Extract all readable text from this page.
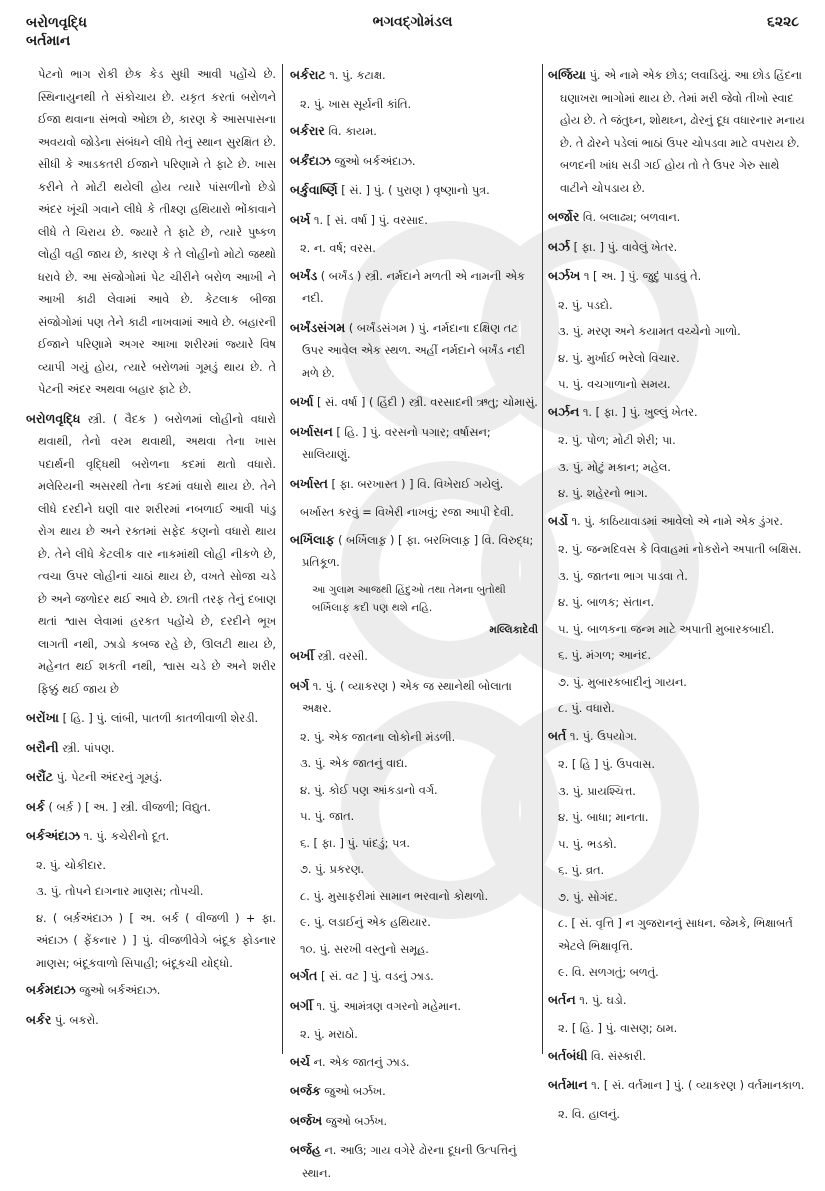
બરોળવૃદ્ધિ
બર્તમાન
ભગવદ્ગોમંડલ	૬૨૨૮

પેટનો ભાગ રોકી છેક કેડ સુધી આવી પહોંચે છે. સ્થિનાયુનથી તે સંકોચાય છે. યકૃત કરતાં બરોળને ઈજા થવાના સંભવો ઓછા છે, કારણ કે આસપાસના અવયવો જોડેના સંબંધને લીધે તેનું સ્થાન સુરક્ષિત છે. સીધી કે આડકતરી ઈજાને પરિણામે તે ફાટે છે. ખાસ કરીને તે મોટી થયેલી હોય ત્યારે પાંસળીનો છેડો અંદર ખૂંચી ગવાને લીધે કે તીક્ષ્ણ હથિયારો ભોંકાવાને લીધે તે ચિરાય છે. જ્યારે તે ફાટે છે, ત્યારે પુષ્કળ લોહી વહી જાય છે, કારણ કે તે લોહીનો મોટો જથ્થો ધરાવે છે. આ સંજોગોમાં પેટ ચીરીને બરોળ આખી ને આખી કાઢી લેવામાં આવે છે. કેટલાક બીજા સંજોગોમાં પણ તેને કાઢી નાખવામાં આવે છે. બહારની ઈજાને પરિણામે અગર આખા શરીરમાં જ્યારે વિષ વ્યાપી ગયું હોય, ત્યારે બરોળમાં ગૂમડું થાય છે. તે પેટની અંદર અથવા બહાર ફાટે છે.

બરોળવૃદ્ધિ સ્ત્રી. ( વૈદક ) બરોળમાં લોહીનો વધારો થવાથી, તેનો વરમ થવાથી, અથવા તેના ખાસ પદાર્થની વૃદ્ધિથી બરોળના કદમાં થતો વધારો. મલેરિયની અસરથી તેના કદમાં વધારો થાય છે. તેને લીધે દરદીને ઘણી વાર શરીરમાં નબળાઈ આવી પાંડુ રોગ થાય છે અને રક્તમાં સફેદ કણનો વધારો થાય છે. તેને લીધે કેટલીક વાર નાકમાંથી લોહી નીકળે છે, ત્વચા ઉપર લોહીનાં ચાઠાં થાય છે, વખતે સોજા ચડે છે અને જળોદર થઈ આવે છે. છાતી તરફ તેનું દબાણ થતાં શ્વાસ લેવામાં હરકત પહોંચે છે, દરદીને ભૂખ લાગતી નથી, ઝાડો કબજ રહે છે, ઊલટી થાય છે, મહેનત થઈ શકતી નથી, શ્વાસ ચડે છે અને શરીર ફિક્કું થઈ જાય છે

બરોંખા [ હિ. ] પું. લાંબી, પાતળી કાતળીવાળી શેરડી.

બરૌની સ્ત્રી. પાંપણ.

બરૌંટ પું. પેટની અંદરનું ગૂમડું.

બર્ક ( બર્ક઼ ) [ અ. ] સ્ત્રી. વીજળી; વિદ્યુત.

બર્કઅંદાઝ ૧. પું. કચેરીનો દૂત.

૨. પું. ચોકીદાર.
૩. પું. તોપને દાગનાર માણસ; તોપચી.
૪. ( બર્ક઼અંદાઝ ) [ અ. બર્ક ( વીજળી ) + ફા. અંદાઝ ( ફેંકનાર ) ] પું. વીજળીવેગે બંદૂક ફોડનાર માણસ; બંદૂકવાળો સિપાહી; બંદૂકચી યોદ્ધો.

બર્કમદાઝ જુઓ બર્કઅંદાઝ.

બર્કર પું. બકરો.

બર્કરાટ ૧. પું. કટાક્ષ.

૨. પું. ખાસ સૂર્યની કાંતિ.

બર્કરાર વિ. કાયમ.

બર્કંદાઝ જુઓ બર્કઅંદાઝ.

બર્કુવાર્ષ્ણિ [ સં. ] પું. ( પુરાણ ) વૃષ્ણાનો પુત્ર.

બર્ખ ૧. [ સં. વર્ષા ] પું. વરસાદ.

૨. ન. વર્ષ; વરસ.

બર્ખંડ ( બર્ખંડ ) સ્ત્રી. નર્મદાને મળતી એ નામની એક નદી.

બર્ખંડસંગમ ( બર્ખંડસંગમ ) પું. નર્મદાના દક્ષિણ તટ ઉપર આવેલ એક સ્થળ. અહીં નર્મદાને બર્ખંડ નદી મળે છે.

બર્ખા [ સં. વર્ષા ] ( હિંદી ) સ્ત્રી. વરસાદની ઋતુ; ચોમાસું.

બર્ખાસન [ હિ. ] પું. વરસનો પગાર; વર્ષાસન; સાલિયાણું.

બર્ખાસ્ત [ ફા. બરખાસ્ત ) ] વિ. વિખેરાઈ ગયેલું.

બર્ખાસ્ત કરવું = વિખેરી નાખવું; રજા આપી દેવી.

બર્ખિલાફ ( બર્ખિલાફ઼ ) [ ફા. બરખિલાફ઼ ] વિ. વિરુદ્ધ; પ્રતિકૂળ.

આ ગુલામ આજથી હિંદુઓ તથા તેમના બુતોથી બર્ખિલાફ કદી પણ થશે નહિ.
મલ્લિકાદેવી

બર્ખી સ્ત્રી. વરસી.

બર્ગ ૧. પું. ( વ્યાકરણ ) એક જ સ્થાનેથી બોલાતા અક્ષર.

૨. પું. એક જાતના લોકોની મંડળી.
૩. પું. એક જાતનું વાદ્ય.
૪. પું. કોઈ પણ આંકડાનો વર્ગ.
૫. પું. જાત.
૬. [ ફા. ] પું. પાંદડું; પત્ર.
૭. પું. પ્રકરણ.
૮. પું. મુસાફરીમાં સામાન ભરવાનો કોથળો.
૯. પું. લડાઈનું એક હથિયાર.
૧૦. પું. સરખી વસ્તુનો સમૂહ.

બર્ગત [ સં. વટ ] પું. વડનું ઝાડ.

બર્ગી ૧. પું. આમંત્રણ વગરનો મહેમાન.

૨. પું. મરાઠો.

બર્ચ ન. એક જાતનું ઝાડ.

બર્જક જુઓ બર્ઝખ.

બર્જખ જુઓ બર્ઝખ.

બર્જહ ન. આઉ; ગાય વગેરે ઢોરના દૂધની ઉત્પત્તિનું સ્થાન.

બર્જિયા પું. એ નામે એક છોડ; લવાડિયું. આ છોડ હિંદના ઘણાખરા ભાગોમાં થાય છે. તેમાં મરી જેવો તીખો સ્વાદ હોય છે. તે જંતુઘ્ન, શોથઘ્ન, ઢોરનું દૂધ વધારનાર મનાય છે. તે ઢોરને પડેલાં ભાઠાં ઉપર ચોપડવા માટે વપરાય છે. બળદની ખાંધ સડી ગઈ હોય તો તે ઉપર ગેરુ સાથે વાટીને ચોપડાય છે.

બર્જોર વિ. બલાઢ્ય; બળવાન.

બર્ઝ [ ફા. ] પું. વાવેલું ખેતર.

બર્ઝખ ૧ [ અ. ] પું. જુદું પાડવું તે.

૨. પું. પડદો.
૩. પું. મરણ અને કયામત વચ્ચેનો ગાળો.
૪. પું. મુર્ખાઈ ભરેલો વિચાર.
૫. પું. વચગાળાનો સમય.

બર્ઝન ૧. [ ફા. ] પું. ખુલ્લું ખેતર.

૨. પું. પોળ; મોટી શેરી; પા.
૩. પું. મોટું મકાન; મહેલ.
૪. પું. શહેરનો ભાગ.

બર્ડો ૧. પું. કાઠિયાવાડમાં આવેલો એ નામે એક ડુંગર.

૨. પું. જન્મદિવસ કે વિવાહમાં નોકરોને અપાતી બક્ષિસ.
૩. પું. જાતના ભાગ પાડવા તે.
૪. પું. બાળક; સંતાન.
૫. પું. બાળકના જન્મ માટે અપાતી મુબારકબાદી.
૬. પું. મંગળ; આનંદ.
૭. પું. મુબારકબાદીનું ગાયન.
૮. પું. વધારો.

બર્ત ૧. પું. ઉપયોગ.

૨. [ હિ ] પું. ઉપવાસ.
૩. પું. પ્રાયશ્ચિત્ત.
૪. પું. બાધા; માનતા.
૫. પું. ભડકો.
૬. પું. વ્રત.
૭. પું. સોગંદ.
૮. [ સં. વૃત્તિ ] ન ગુજરાનનું સાધન. જેમકે, ભિક્ષાબર્ત એટલે ભિક્ષાવૃત્તિ.
૯. વિ. સળગતું; બળતું.

બર્તન ૧. પું. ઘડો.

૨. [ હિ. ] પું. વાસણ; ઠામ.

બર્તબંધી વિ. સંસ્કારી.

બર્તમાન ૧. [ સં. વર્તમાન ] પું. ( વ્યાકરણ ) વર્તમાનકાળ.

૨. વિ. હાલનું.
